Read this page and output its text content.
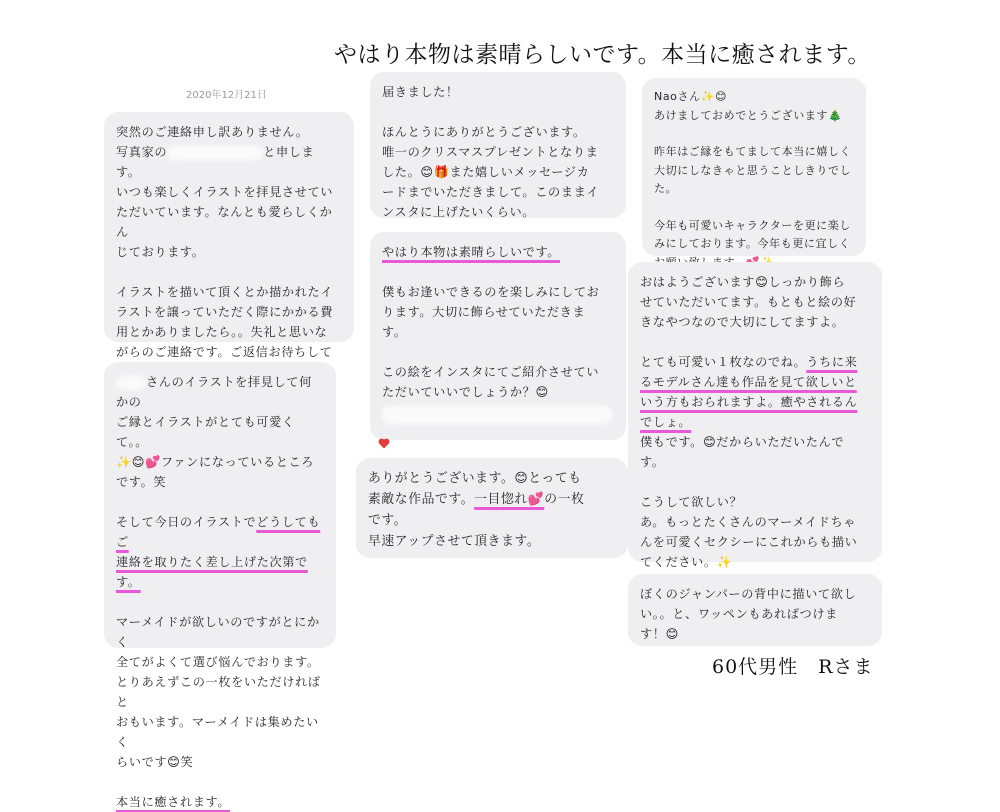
やはり本物は素晴らしいです。本当に癒されます。
2020年12月21日
突然のご連絡申し訳ありません。
写真家の	と申しま
す。
いつも楽しくイラストを拝見させてい
ただいています。なんとも愛らしくかん
じております。
イラストを描いて頂くとか描かれたイ
ラストを譲っていただく際にかかる費
用とかありましたら。。失礼と思いな
がらのご連絡です。ご返信お待ちして

さんのイラストを拝見して何かの
ご縁とイラストがとても可愛くて。。
✨😊💕ファンになっているところ
です。笑
そして今日のイラストでどうしてもご
連絡を取りたく差し上げた次第です。
マーメイドが欲しいのですがとにかく
全てがよくて選び悩んでおります。
とりあえずこの一枚をいただければと
おもいます。マーメイドは集めたいく
らいです😊笑
本当に癒されます。
届きました！
ほんとうにありがとうございます。
唯一のクリスマスプレゼントとなりま
した。😊🎁また嬉しいメッセージカ
ードまでいただきまして。このままイ
ンスタに上げたいくらい。
やはり本物は素晴らしいです。
僕もお逢いできるのを楽しみにしてお
ります。大切に飾らせていただきま
す。
この絵をインスタにてご紹介させてい
ただいていいでしょうか？😊
ありがとうございます。😊とっても
素敵な作品です。一目惚れ💕の一枚
です。
早速アップさせて頂きます。
Naoさん✨😊
あけましておめでとうございます🎄
昨年はご縁をもてまして本当に嬉しく
大切にしなきゃと思うことしきりでし
た。
今年も可愛いキャラクターを更に楽し
みにしております。今年も更に宜しく

おはようございます😊しっかり飾ら
せていただいてます。もともと絵の好
きなやつなので大切にしてますよ。
とても可愛い１枚なのでね。うちに来
るモデルさん達も作品を見て欲しいと
いう方もおられますよ。癒やされるん
でしょ。
僕もです。😊だからいただいたんで
す。
こうして欲しい？
あ。もっとたくさんのマーメイドちゃ
んを可愛くセクシーにこれからも描い
てください。✨
ぼくのジャンパーの背中に描いて欲し
い。。と、ワッペンもあればつけま
す！😊
60代男性　Rさま
